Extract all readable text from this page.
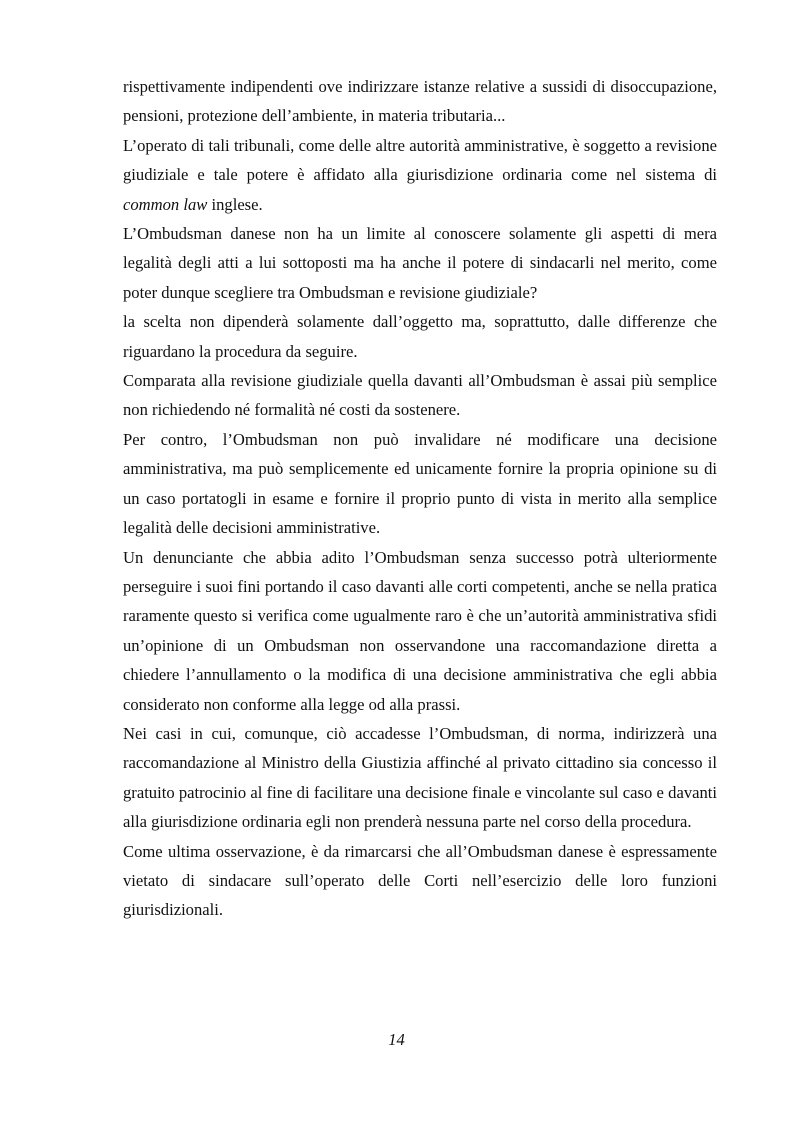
rispettivamente indipendenti ove indirizzare istanze relative a sussidi di disoccupazione, pensioni, protezione dell’ambiente, in materia tributaria...

L’operato di tali tribunali, come delle altre autorità amministrative, è soggetto a revisione giudiziale e tale potere è affidato alla giurisdizione ordinaria come nel sistema di common law inglese.

L’Ombudsman danese non ha un limite al conoscere solamente gli aspetti di mera legalità degli atti a lui sottoposti ma ha anche il potere di sindacarli nel merito, come poter dunque scegliere tra Ombudsman e revisione giudiziale?

la scelta non dipenderà solamente dall’oggetto ma, soprattutto, dalle differenze che riguardano la procedura da seguire.

Comparata alla revisione giudiziale quella davanti all’Ombudsman è assai più semplice non richiedendo né formalità né costi da sostenere.

Per contro, l’Ombudsman non può invalidare né modificare una decisione amministrativa, ma può semplicemente ed unicamente fornire la propria opinione su di un caso portatogli in esame e fornire il proprio punto di vista in merito alla semplice legalità delle decisioni amministrative.

Un denunciante che abbia adito l’Ombudsman senza successo potrà ulteriormente perseguire i suoi fini portando il caso davanti alle corti competenti, anche se nella pratica raramente questo si verifica come ugualmente raro è che un’autorità amministrativa sfidi un’opinione di un Ombudsman non osservandone una raccomandazione diretta a chiedere l’annullamento o la modifica di una decisione amministrativa che egli abbia considerato non conforme alla legge od alla prassi.

Nei casi in cui, comunque, ciò accadesse l’Ombudsman, di norma, indirizzerà una raccomandazione al Ministro della Giustizia affinché al privato cittadino sia concesso il gratuito patrocinio al fine di facilitare una decisione finale e vincolante sul caso e davanti alla giurisdizione ordinaria egli non prenderà nessuna parte nel corso della procedura.

Come ultima osservazione, è da rimarcarsi che all’Ombudsman danese è espressamente vietato di sindacare sull’operato delle Corti nell’esercizio delle loro funzioni giurisdizionali.

14
